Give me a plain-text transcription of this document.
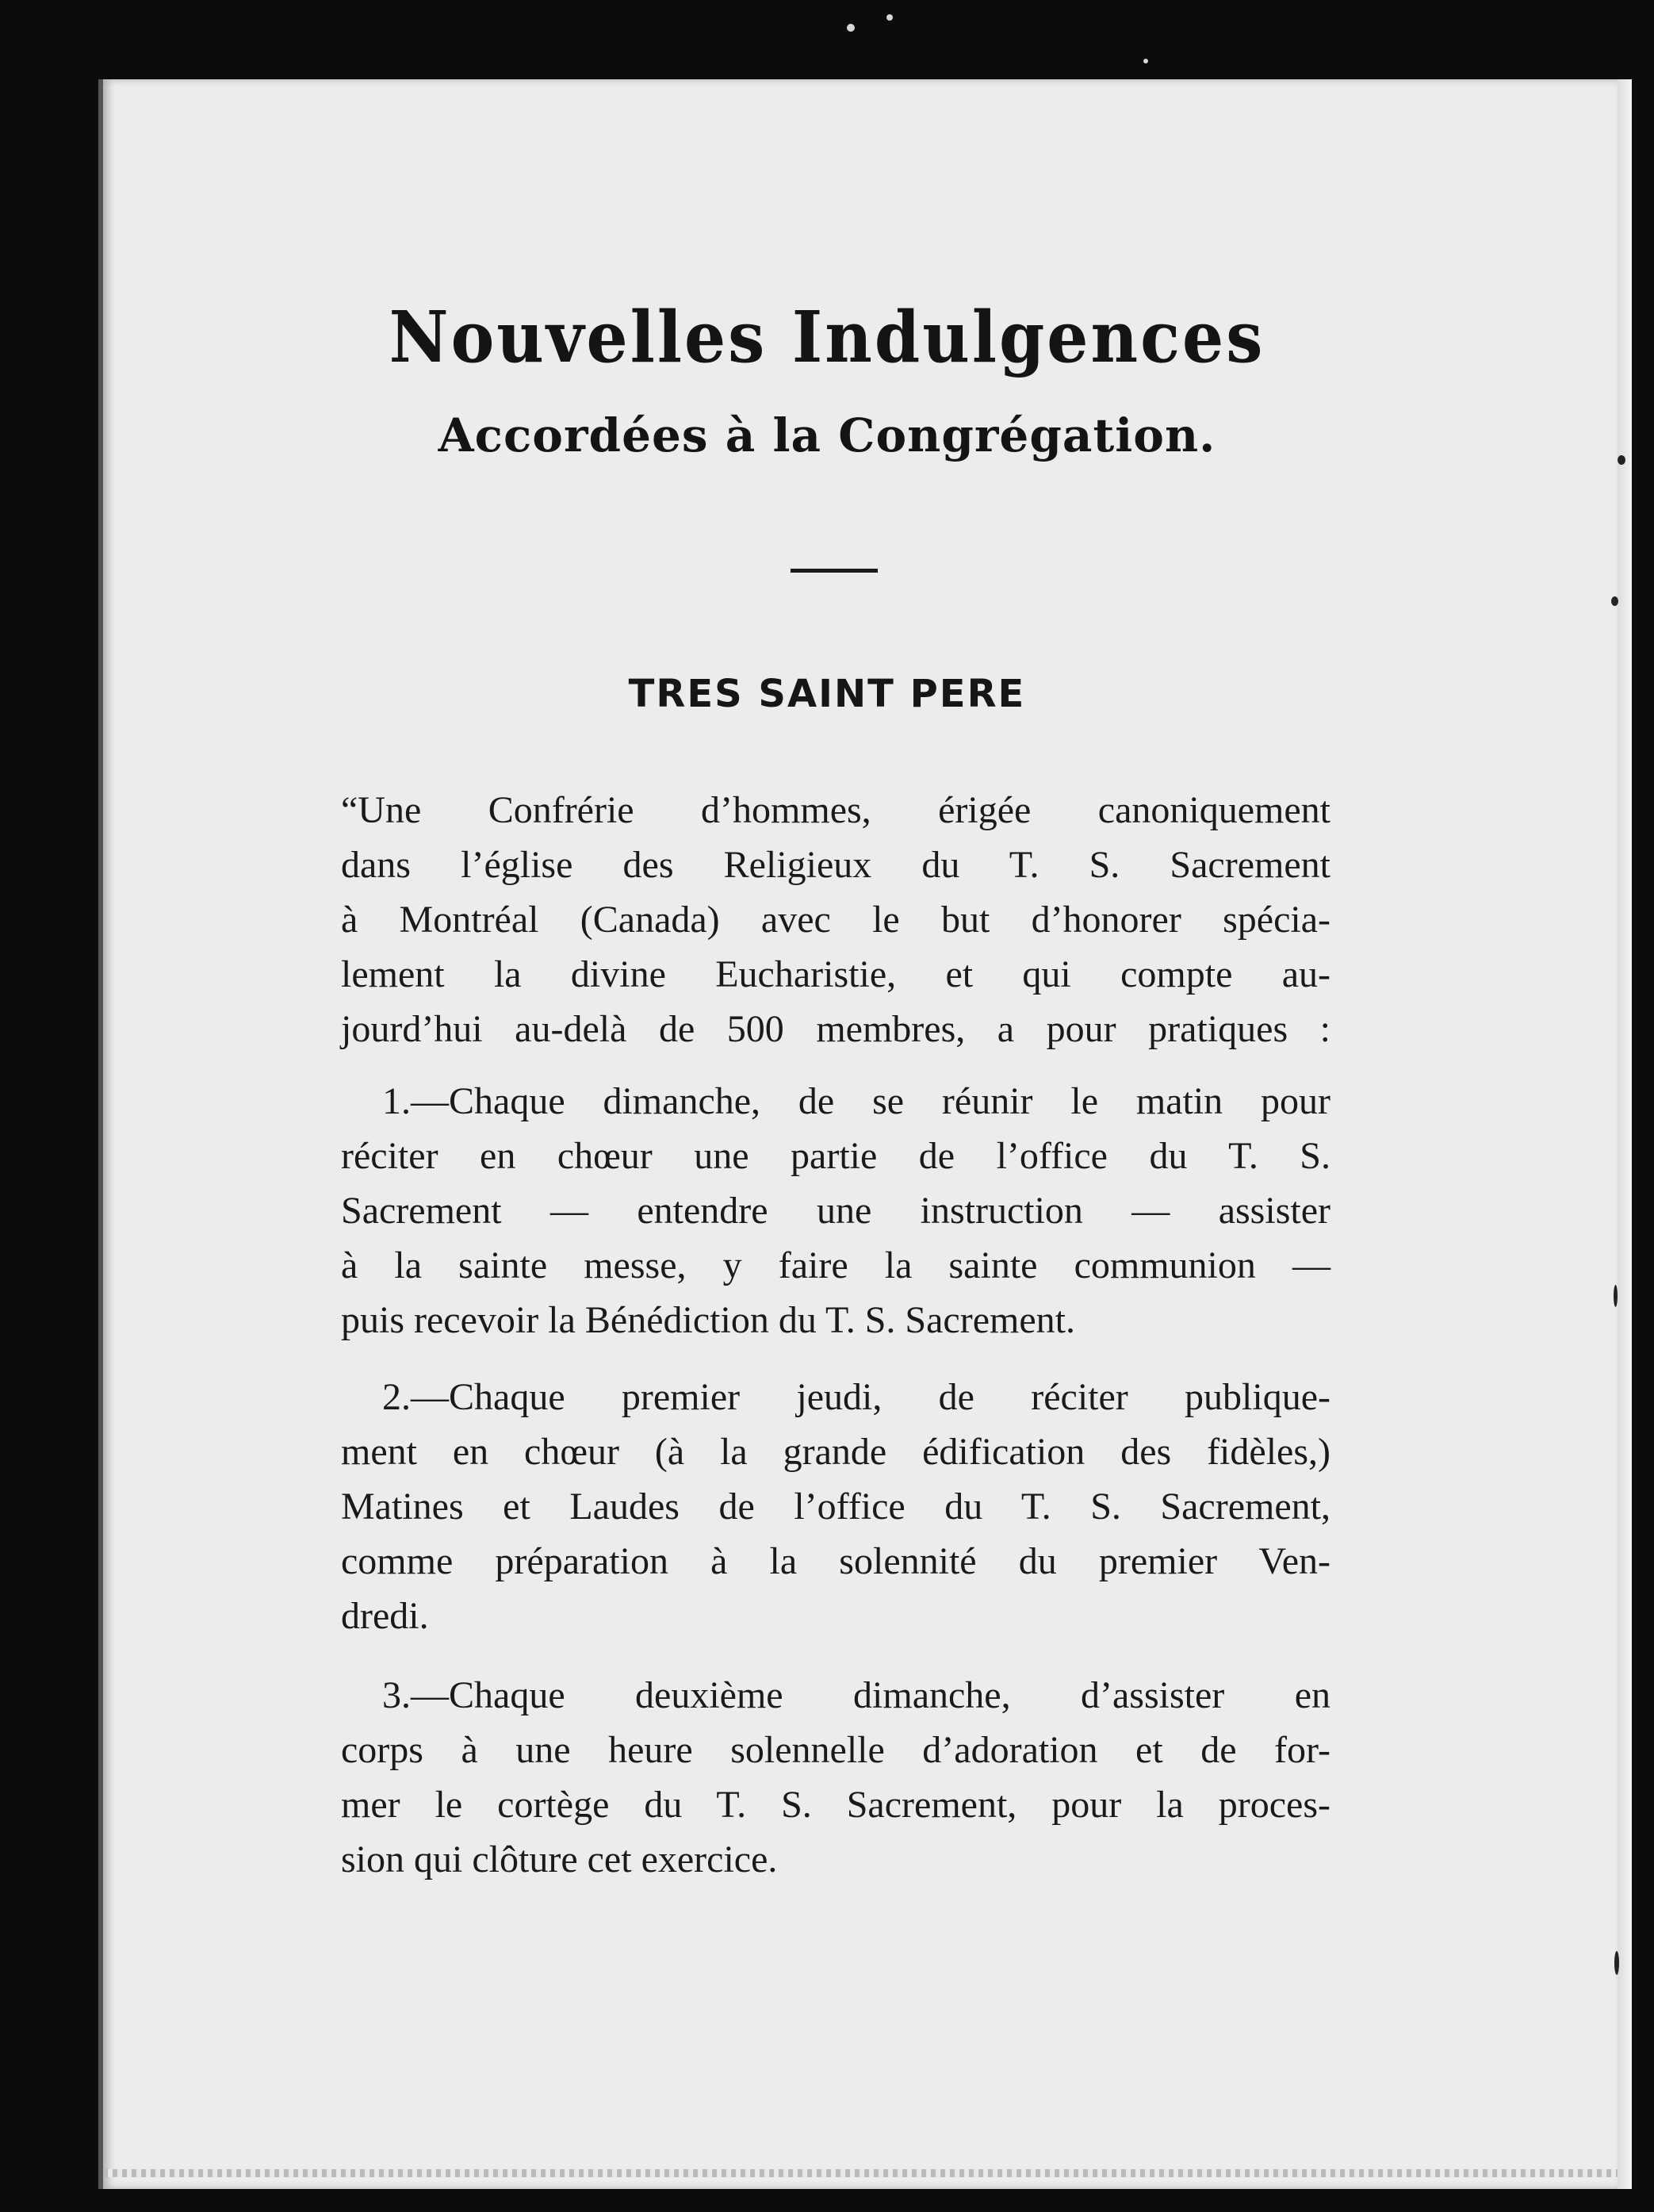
Nouvelles Indulgences
Accordées à la Congrégation.
TRES SAINT PERE
“Une Confrérie d’hommes, érigée canoniquement
dans l’église des Religieux du T. S. Sacrement
à Montréal (Canada) avec le but d’honorer spécia-
lement la divine Eucharistie, et qui compte au-
jourd’hui au-delà de 500 membres, a pour pratiques :
1.—Chaque dimanche, de se réunir le matin pour
réciter en chœur une partie de l’office du T. S.
Sacrement — entendre une instruction — assister
à la sainte messe, y faire la sainte communion —
puis recevoir la Bénédiction du T. S. Sacrement.
2.—Chaque premier jeudi, de réciter publique-
ment en chœur (à la grande édification des fidèles,)
Matines et Laudes de l’office du T. S. Sacrement,
comme préparation à la solennité du premier Ven-
dredi.
3.—Chaque deuxième dimanche, d’assister en
corps à une heure solennelle d’adoration et de for-
mer le cortège du T. S. Sacrement, pour la proces-
sion qui clôture cet exercice.
